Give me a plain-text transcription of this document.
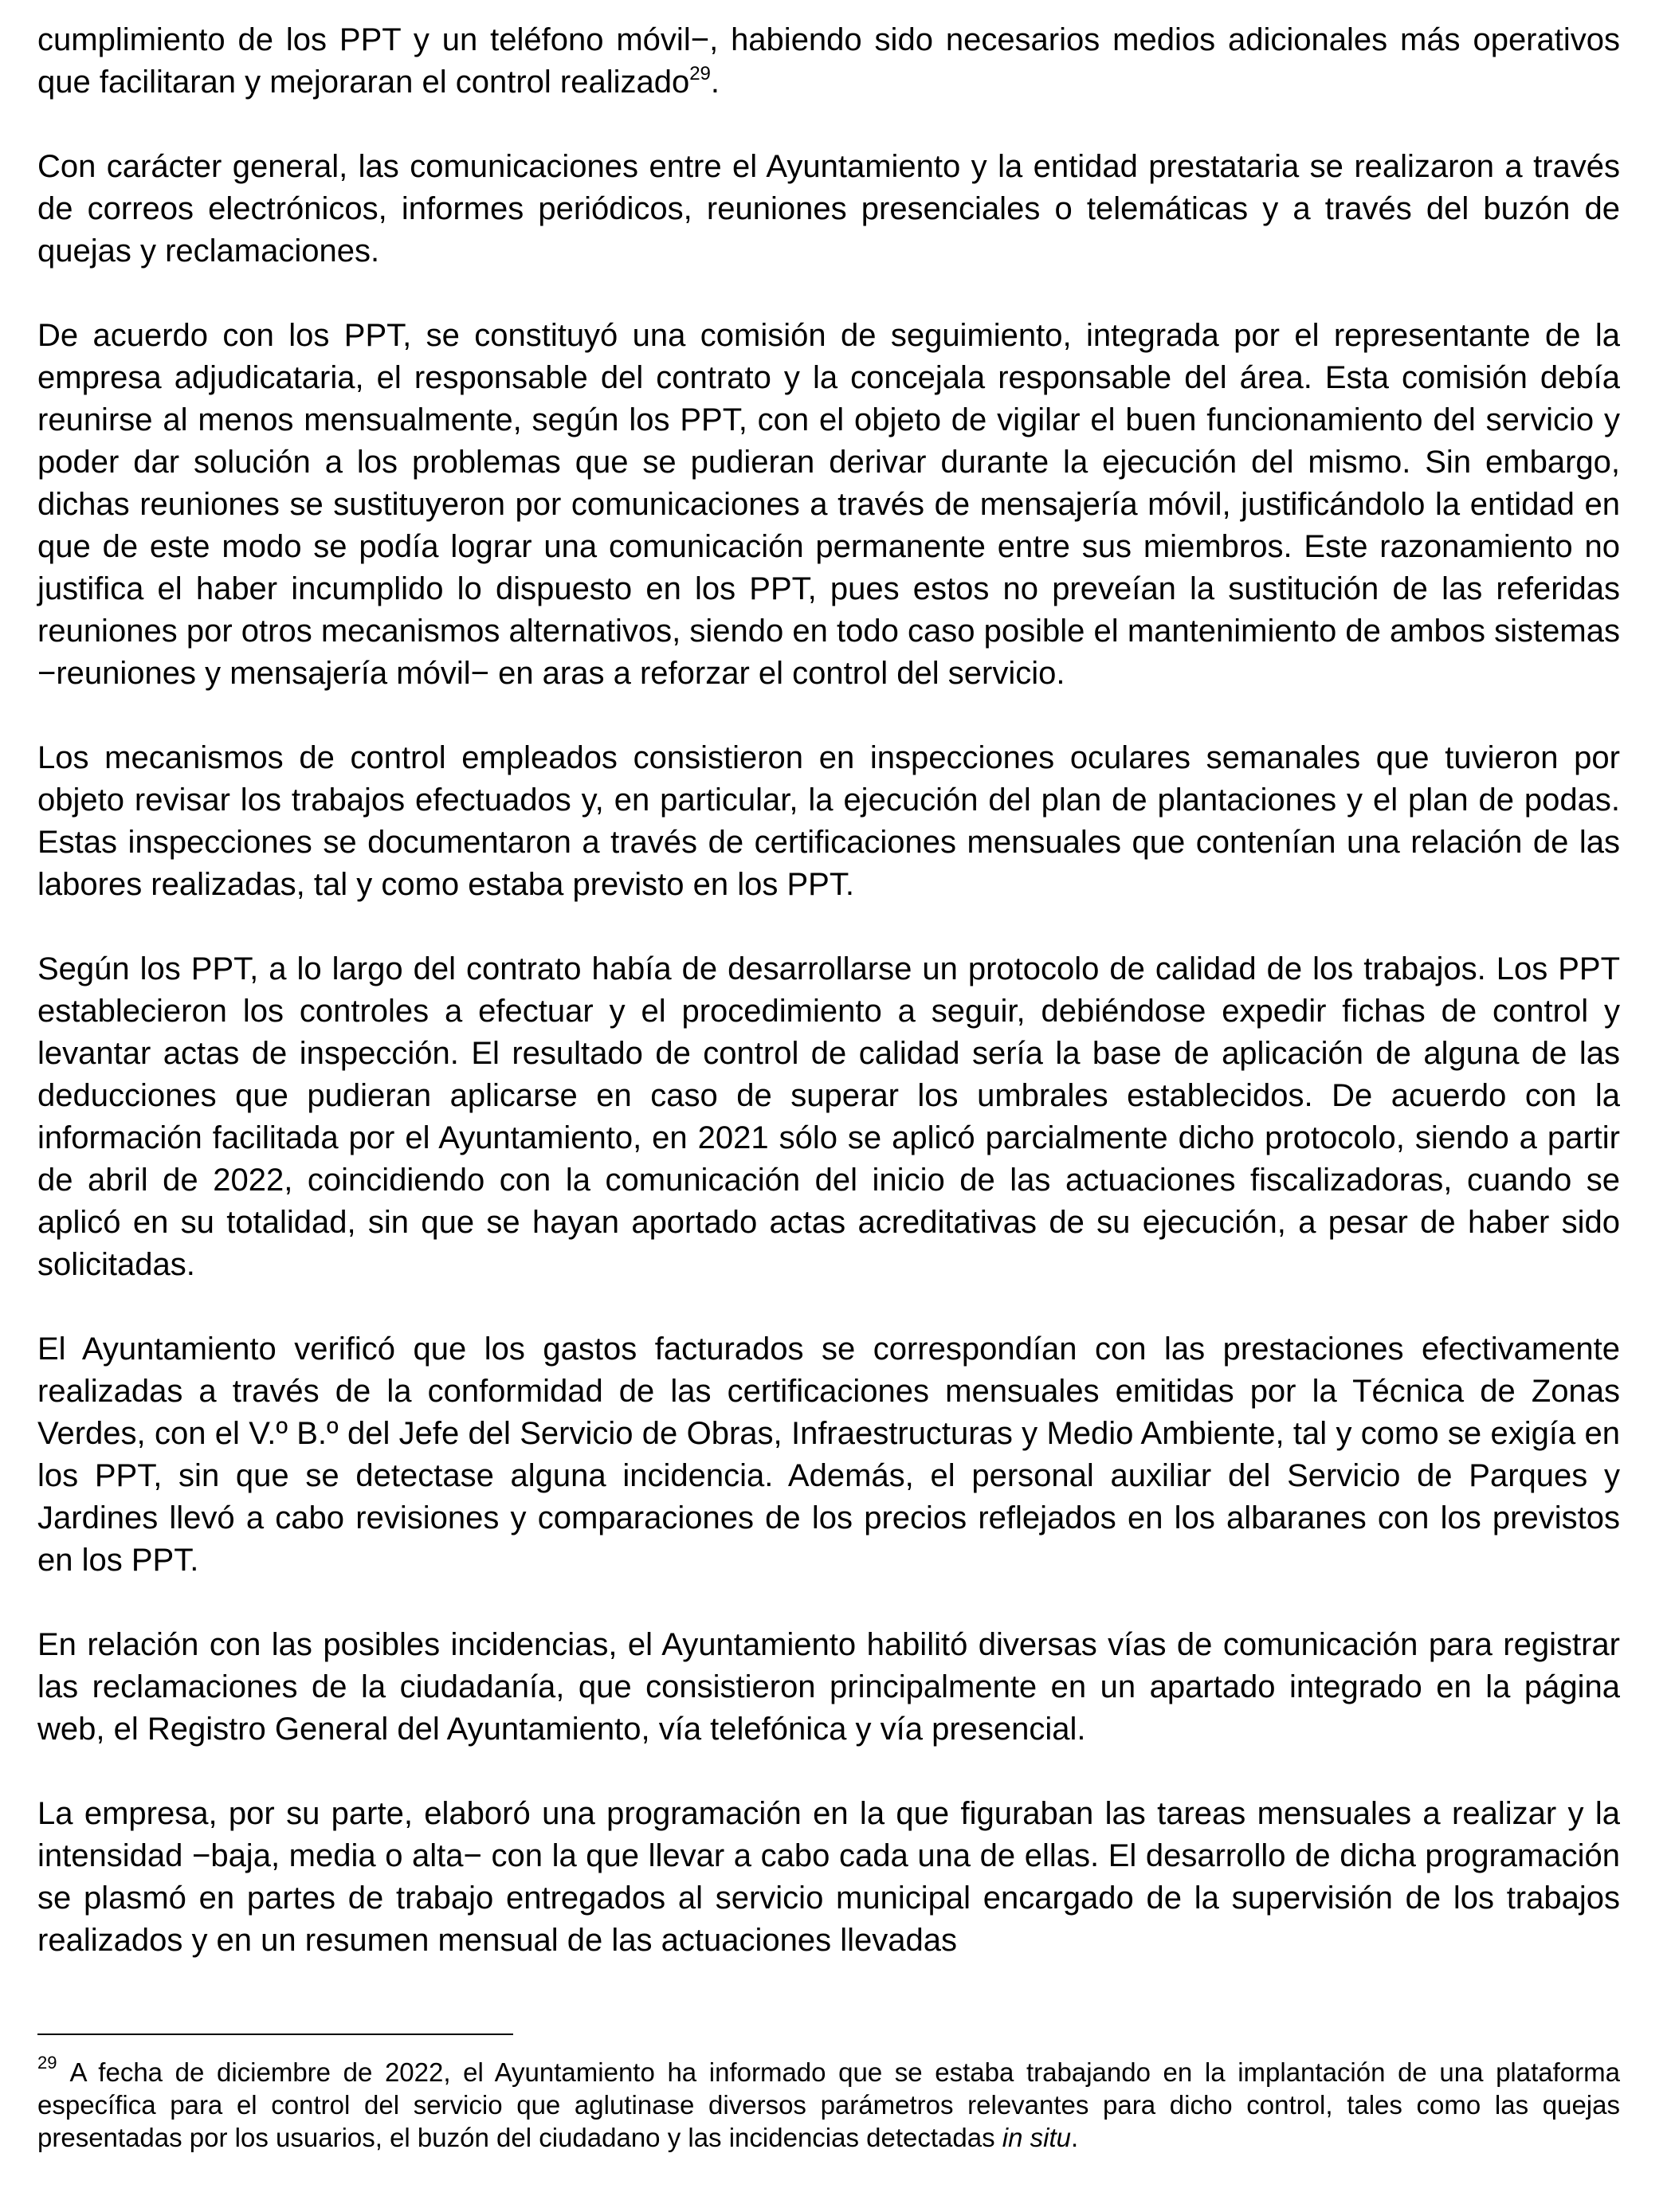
cumplimiento de los PPT y un teléfono móvil−, habiendo sido necesarios medios adicionales más operativos que facilitaran y mejoraran el control realizado$^{29}$.

Con carácter general, las comunicaciones entre el Ayuntamiento y la entidad prestataria se realizaron a través de correos electrónicos, informes periódicos, reuniones presenciales o telemáticas y a través del buzón de quejas y reclamaciones.

De acuerdo con los PPT, se constituyó una comisión de seguimiento, integrada por el representante de la empresa adjudicataria, el responsable del contrato y la concejala responsable del área. Esta comisión debía reunirse al menos mensualmente, según los PPT, con el objeto de vigilar el buen funcionamiento del servicio y poder dar solución a los problemas que se pudieran derivar durante la ejecución del mismo. Sin embargo, dichas reuniones se sustituyeron por comunicaciones a través de mensajería móvil, justificándolo la entidad en que de este modo se podía lograr una comunicación permanente entre sus miembros. Este razonamiento no justifica el haber incumplido lo dispuesto en los PPT, pues estos no preveían la sustitución de las referidas reuniones por otros mecanismos alternativos, siendo en todo caso posible el mantenimiento de ambos sistemas −reuniones y mensajería móvil− en aras a reforzar el control del servicio.

Los mecanismos de control empleados consistieron en inspecciones oculares semanales que tuvieron por objeto revisar los trabajos efectuados y, en particular, la ejecución del plan de plantaciones y el plan de podas. Estas inspecciones se documentaron a través de certificaciones mensuales que contenían una relación de las labores realizadas, tal y como estaba previsto en los PPT.

Según los PPT, a lo largo del contrato había de desarrollarse un protocolo de calidad de los trabajos. Los PPT establecieron los controles a efectuar y el procedimiento a seguir, debiéndose expedir fichas de control y levantar actas de inspección. El resultado de control de calidad sería la base de aplicación de alguna de las deducciones que pudieran aplicarse en caso de superar los umbrales establecidos. De acuerdo con la información facilitada por el Ayuntamiento, en 2021 sólo se aplicó parcialmente dicho protocolo, siendo a partir de abril de 2022, coincidiendo con la comunicación del inicio de las actuaciones fiscalizadoras, cuando se aplicó en su totalidad, sin que se hayan aportado actas acreditativas de su ejecución, a pesar de haber sido solicitadas.

El Ayuntamiento verificó que los gastos facturados se correspondían con las prestaciones efectivamente realizadas a través de la conformidad de las certificaciones mensuales emitidas por la Técnica de Zonas Verdes, con el V.º B.º del Jefe del Servicio de Obras, Infraestructuras y Medio Ambiente, tal y como se exigía en los PPT, sin que se detectase alguna incidencia. Además, el personal auxiliar del Servicio de Parques y Jardines llevó a cabo revisiones y comparaciones de los precios reflejados en los albaranes con los previstos en los PPT.

En relación con las posibles incidencias, el Ayuntamiento habilitó diversas vías de comunicación para registrar las reclamaciones de la ciudadanía, que consistieron principalmente en un apartado integrado en la página web, el Registro General del Ayuntamiento, vía telefónica y vía presencial.

La empresa, por su parte, elaboró una programación en la que figuraban las tareas mensuales a realizar y la intensidad −baja, media o alta− con la que llevar a cabo cada una de ellas. El desarrollo de dicha programación se plasmó en partes de trabajo entregados al servicio municipal encargado de la supervisión de los trabajos realizados y en un resumen mensual de las actuaciones llevadas

$^{29}$ A fecha de diciembre de 2022, el Ayuntamiento ha informado que se estaba trabajando en la implantación de una plataforma específica para el control del servicio que aglutinase diversos parámetros relevantes para dicho control, tales como las quejas presentadas por los usuarios, el buzón del ciudadano y las incidencias detectadas in situ.
